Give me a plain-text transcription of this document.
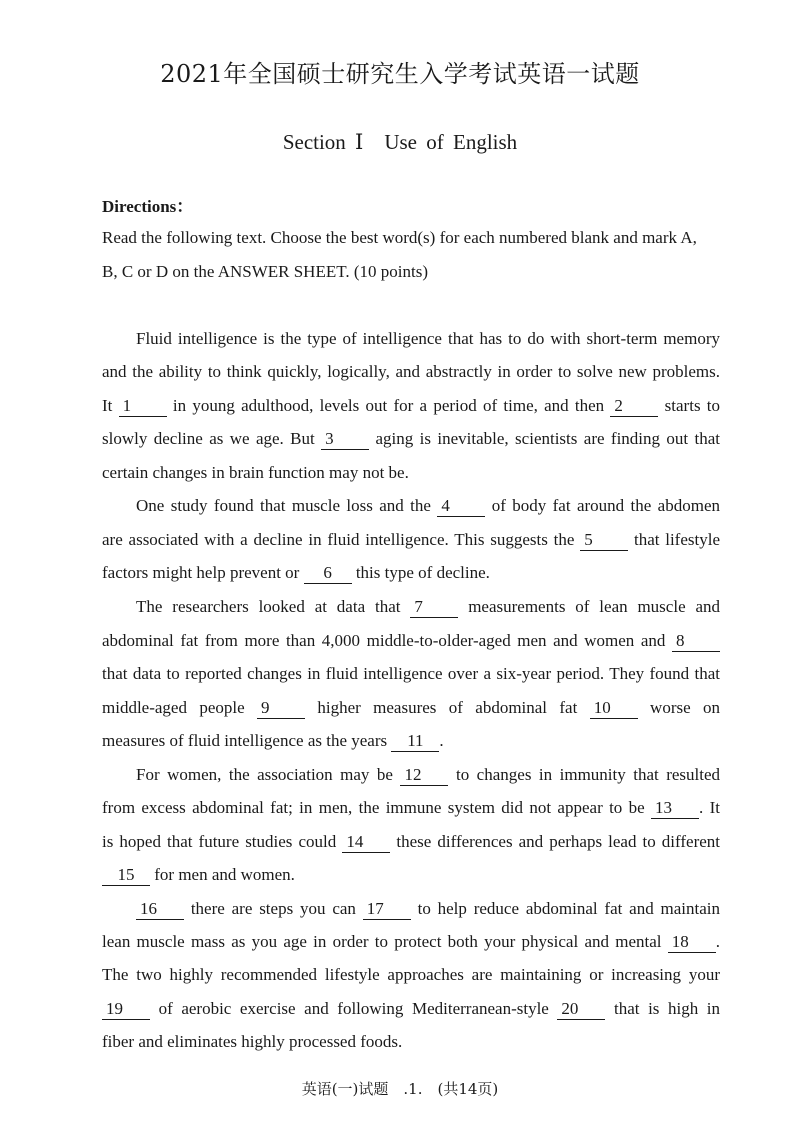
2021年全国硕士研究生入学考试英语一试题
Section Ⅰ　Use of English
Directions：
Read the following text. Choose the best word(s) for each numbered blank and mark A,
B, C or D on the ANSWER SHEET. (10 points)
Fluid intelligence is the type of intelligence that has to do with short-term memory
and the ability to think quickly, logically, and abstractly in order to solve new problems.
It 1 in young adulthood, levels out for a period of time, and then 2 starts to
slowly decline as we age. But 3 aging is inevitable, scientists are finding out that
certain changes in brain function may not be.
One study found that muscle loss and the 4 of body fat around the abdomen
are associated with a decline in fluid intelligence. This suggests the 5 that lifestyle
factors might help prevent or 6 this type of decline.
The researchers looked at data that 7	measurements of lean muscle and
abdominal fat from more than 4,000 middle-to-older-aged men and women and 8
that data to reported changes in fluid intelligence over a six-year period. They found that
middle-aged people 9	higher measures of abdominal fat 10 worse on
measures of fluid intelligence as the years 11 .
For women, the association may be 12 to changes in immunity that resulted
from excess abdominal fat; in men, the immune system did not appear to be 13 . It
is hoped that future studies could 14 these differences and perhaps lead to different
15 for men and women.
16 there are steps you can 17 to help reduce abdominal fat and maintain
lean muscle mass as you age in order to protect both your physical and mental 18 .
The two highly recommended lifestyle approaches are maintaining or increasing your
19 of aerobic exercise and following Mediterranean-style 20 that is high in
fiber and eliminates highly processed foods.
英语(一)试题　.1.　(共14页)
